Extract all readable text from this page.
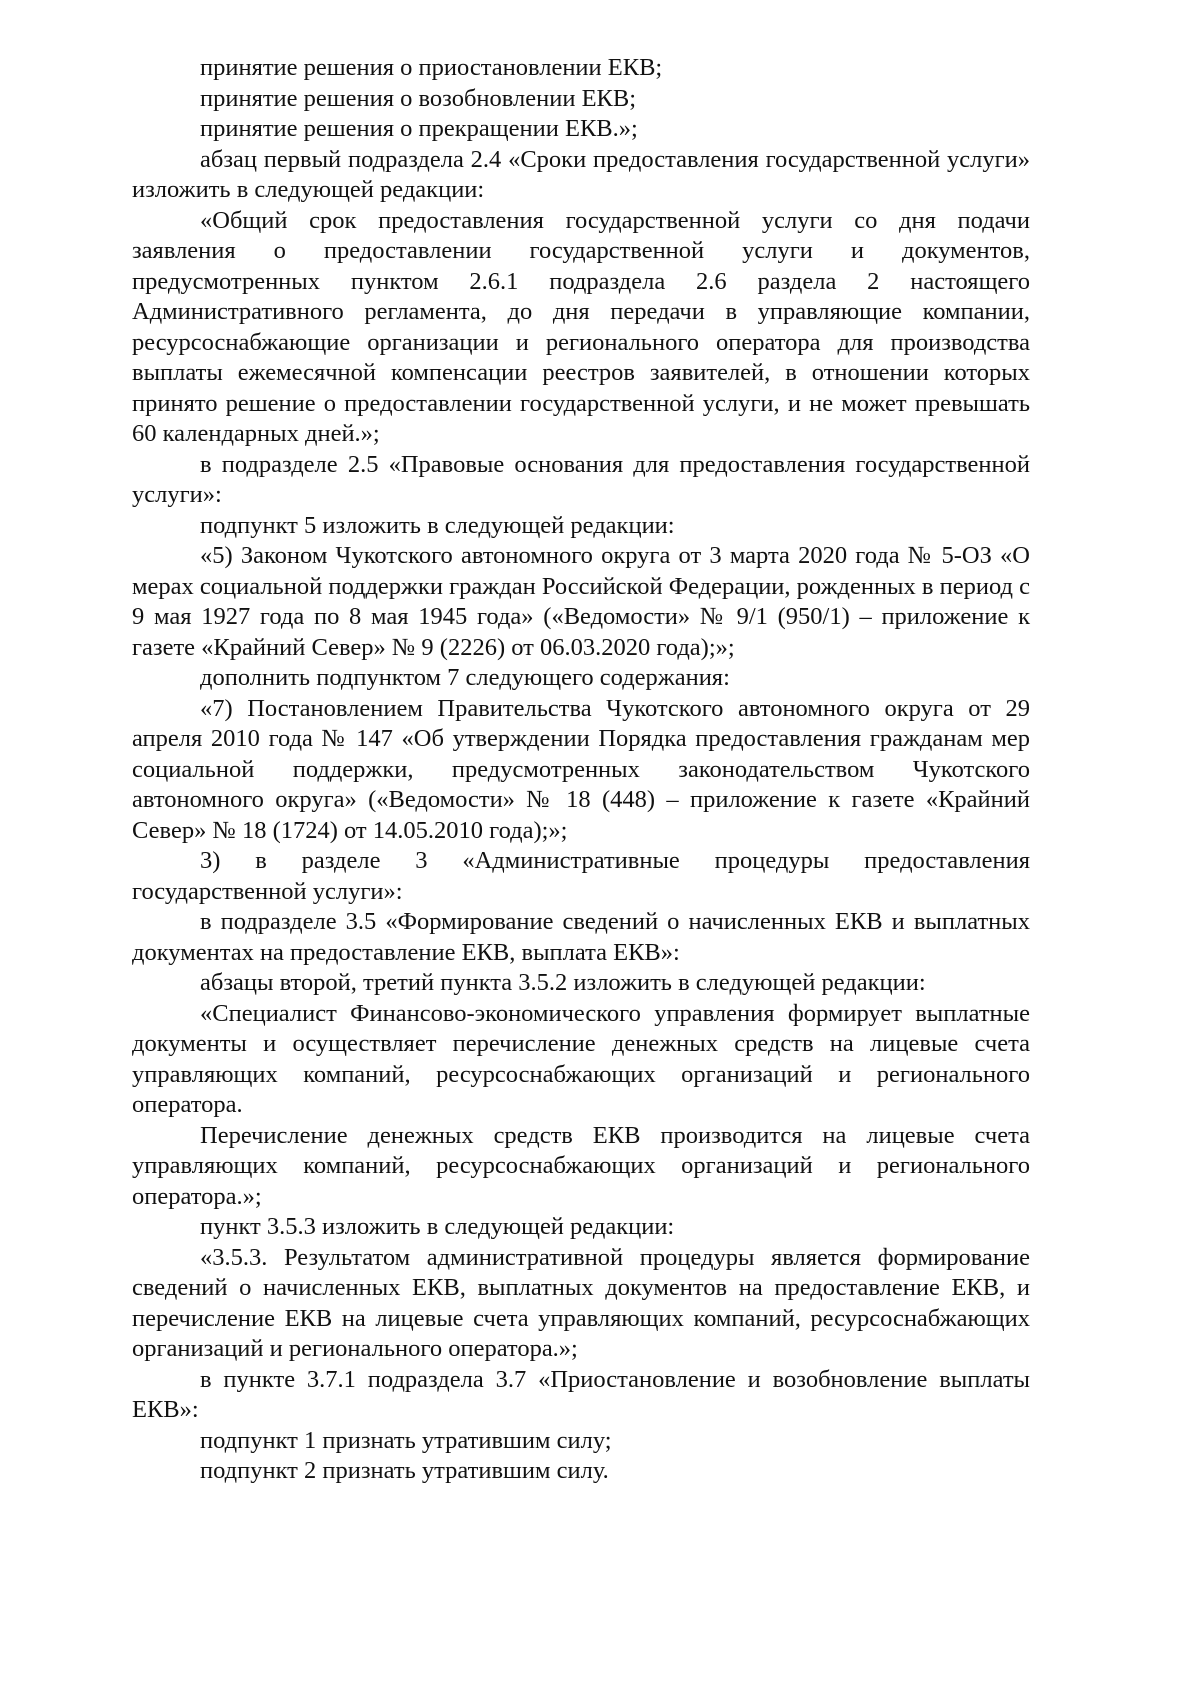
принятие решения о приостановлении ЕКВ;

принятие решения о возобновлении ЕКВ;

принятие решения о прекращении ЕКВ.»;

абзац первый подраздела 2.4 «Сроки предоставления государственной услуги» изложить в следующей редакции:

«Общий срок предоставления государственной услуги со дня подачи заявления о предоставлении государственной услуги и документов, предусмотренных пунктом 2.6.1 подраздела 2.6 раздела 2 настоящего Административного регламента, до дня передачи в управляющие компании, ресурсоснабжающие организации и регионального оператора для производства выплаты ежемесячной компенсации реестров заявителей, в отношении которых принято решение о предоставлении государственной услуги, и не может превышать 60 календарных дней.»;

в подразделе 2.5 «Правовые основания для предоставления государственной услуги»:

подпункт 5 изложить в следующей редакции:

«5) Законом Чукотского автономного округа от 3 марта 2020 года № 5-ОЗ «О мерах социальной поддержки граждан Российской Федерации, рожденных в период с 9 мая 1927 года по 8 мая 1945 года» («Ведомости» № 9/1 (950/1) – приложение к газете «Крайний Север» № 9 (2226) от 06.03.2020 года);»;

дополнить подпунктом 7 следующего содержания:

«7) Постановлением Правительства Чукотского автономного округа от 29 апреля 2010 года № 147 «Об утверждении Порядка предоставления гражданам мер социальной поддержки, предусмотренных законодательством Чукотского автономного округа» («Ведомости» № 18 (448) – приложение к газете «Крайний Север» № 18 (1724) от 14.05.2010 года);»;

3) в разделе 3 «Административные процедуры предоставления государственной услуги»:

в подразделе 3.5 «Формирование сведений о начисленных ЕКВ и выплатных документах на предоставление ЕКВ, выплата ЕКВ»:

абзацы второй, третий пункта 3.5.2 изложить в следующей редакции:

«Специалист Финансово-экономического управления формирует выплатные документы и осуществляет перечисление денежных средств на лицевые счета управляющих компаний, ресурсоснабжающих организаций и регионального оператора.

Перечисление денежных средств ЕКВ производится на лицевые счета управляющих компаний, ресурсоснабжающих организаций и регионального оператора.»;

пункт 3.5.3 изложить в следующей редакции:

«3.5.3. Результатом административной процедуры является формирование сведений о начисленных ЕКВ, выплатных документов на предоставление ЕКВ, и перечисление ЕКВ на лицевые счета управляющих компаний, ресурсоснабжающих организаций и регионального оператора.»;

в пункте 3.7.1 подраздела 3.7 «Приостановление и возобновление выплаты ЕКВ»:

подпункт 1 признать утратившим силу;

подпункт 2 признать утратившим силу.
